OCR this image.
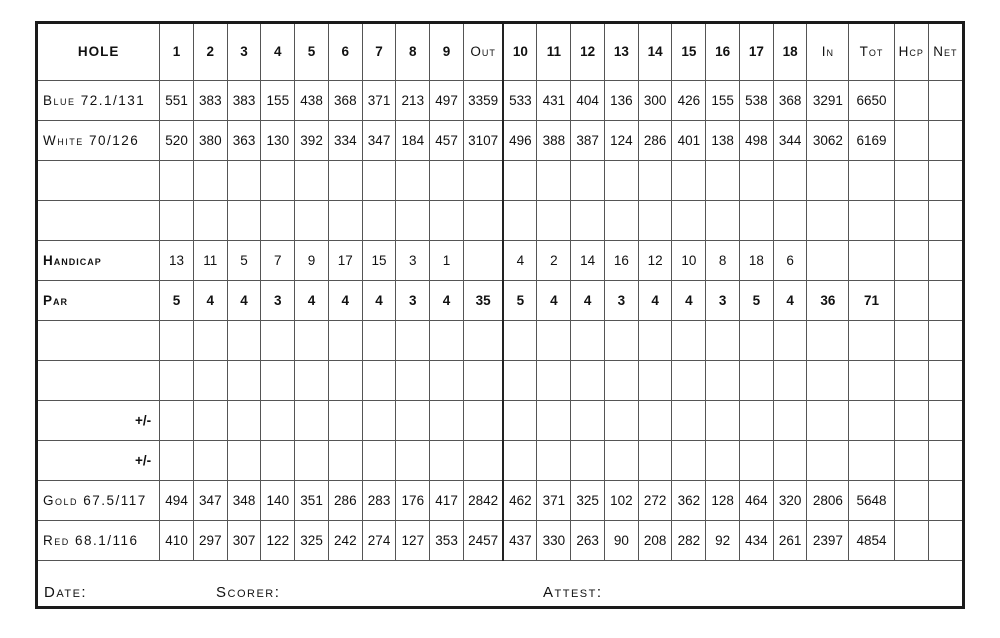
HOLE	1	2	3	4	5	6	7	8	9	Out	10	11	12	13	14	15	16	17	18	In	Tot	Hcp	Net
Blue 72.1/131	551	383	383	155	438	368	371	213	497	3359	533	431	404	136	300	426	155	538	368	3291	6650		
White 70/126	520	380	363	130	392	334	347	184	457	3107	496	388	387	124	286	401	138	498	344	3062	6169		

Handicap	13	11	5	7	9	17	15	3	1		4	2	14	16	12	10	8	18	6				
Par	5	4	4	3	4	4	4	3	4	35	5	4	4	3	4	4	3	5	4	36	71		

+/-																							
+/-																							
Gold 67.5/117	494	347	348	140	351	286	283	176	417	2842	462	371	325	102	272	362	128	464	320	2806	5648		
Red 68.1/116	410	297	307	122	325	242	274	127	353	2457	437	330	263	90	208	282	92	434	261	2397	4854		
Date:	Scorer:	Attest:
